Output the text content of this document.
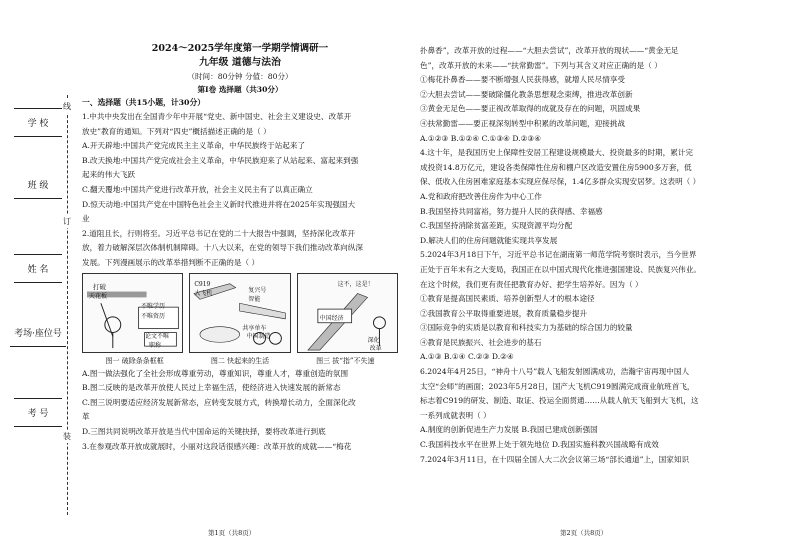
学 校
班 级
姓 名
考场·座位号
考 号
线
订
装

2024～2025学年度第一学期学情调研一

九年级 道德与法治

（时间：80分钟 分值：80分）

第Ⅰ卷 选择题（共30分）

一、选择题（共15小题，计30分）

1.中共中央发出在全国青少年中开展“党史、新中国史、社会主义建设史、改革开

放史”教育的通知。下列对“四史”概括描述正确的是（ ）

A.开天辟地:中国共产党完成民主主义革命，中华民族终于站起来了

B.改天换地:中国共产党完成社会主义革命，中华民族迎来了从站起来、富起来到强

起来的伟大飞跃

C.翻天覆地:中国共产党进行改革开放，社会主义民主有了以真正确立

D.惊天动地:中国共产党在中国特色社会主义新时代推进并将在2025年实现强国大

业

2.道阻且长，行则将至。习近平总书记在党的二十大报告中强调，坚持深化改革开

放，着力破解深层次体制机制障碍。十八大以来，在党的领导下我们推动改革向纵深

发展。下列漫画展示的改革举措判断不正确的是（ ）

打破
天花板
不唯学历
不唯资历
论文不唯
职称
C919
大飞机	复兴号
智能
共享单车
中国制造
这不，这是！
中国经济
深化
改革
图一 破除条条框框	图二 快起来的生活	图三 拔“指”不失速

A.图一做法强化了全社会形成尊重劳动，尊重知识，尊重人才，尊重创造的氛围

B.图二反映的是改革开放使人民过上幸福生活，使经济进入快速发展的新常态

C.图三说明要适应经济发展新常态，应转变发展方式，转换增长动力，全面深化改

革

D.三图共同说明改革开放是当代中国命运的关键抉择，要将改革进行到底

3.在参观改革开放成就展时，小丽对这段话很感兴趣：改革开放的成就——“梅花

第1页（共8页）

扑鼻香”，改革开放的过程——“大胆去尝试”，改革开放的现状——“黄金无足

色”，改革开放的未来——“扶常勤雷”。下列与其含义对应正确的是（ ）

①梅花扑鼻香——要不断增强人民获得感，就增人民尽情享受

②大胆去尝试——要破除僵化教条思想观念束缚，推进改革创新

③黄金无足色——要正视改革取得的成就及存在的问题，巩固成果

④扶常勤雷——要正视深刻转型中积累的改革问题，迎接挑战

A.①②③ B.①②④ C.①③④ D.②③④

4.这十年，是我国历史上保障性安居工程建设规模最大、投资最多的时期，累计完

成投资14.8万亿元，建设各类保障性住房和棚户区改造安置住房5900多万套，低

保、低收入住房困难家庭基本实现应保尽保，1.4亿多群众实现安居梦。这表明（ ）

A.党和政府把改善住房作为中心工作

B.我国坚持共同富裕，努力提升人民的获得感、幸福感

C.我国坚持消除贫富差距，实现资源平均分配

D.解决人们的住房问题就能实现共享发展

5.2024年3月18日下午，习近平总书记在湖南第一师范学院考察时表示，当今世界

正处于百年未有之大变局，我国正在以中国式现代化推进强国建设、民族复兴伟业。

在这个时候，我们更有责任把教育办好、把学生培养好。因为（ ）

①教育是提高国民素质、培养创新型人才的根本途径

②我国教育公平取得重要进展，教育质量稳步提升

③国际竞争的实质是以教育和科技实力为基础的综合国力的较量

④教育是民族振兴、社会进步的基石

A.①③ B.①④ C.②③ D.②④

6.2024年4月25日，“神舟十八号”载人飞船发射圆满成功，浩瀚宇宙再现中国人

太空“会师”的画面；2023年5月28日，国产大飞机C919圆满完成商业航班首飞，

标志着C919的研发、制造、取证、投运全面贯通……从载人航天飞船到大飞机，这

一系列成就表明（ ）

A.制度的创新促进生产力发展 B.我国已建成创新强国

C.我国科技水平在世界上处于领先地位 D.我国实施科教兴国战略有成效

7.2024年3月11日，在十四届全国人大二次会议第三场“部长通道”上，国家知识

第2页（共8页）
